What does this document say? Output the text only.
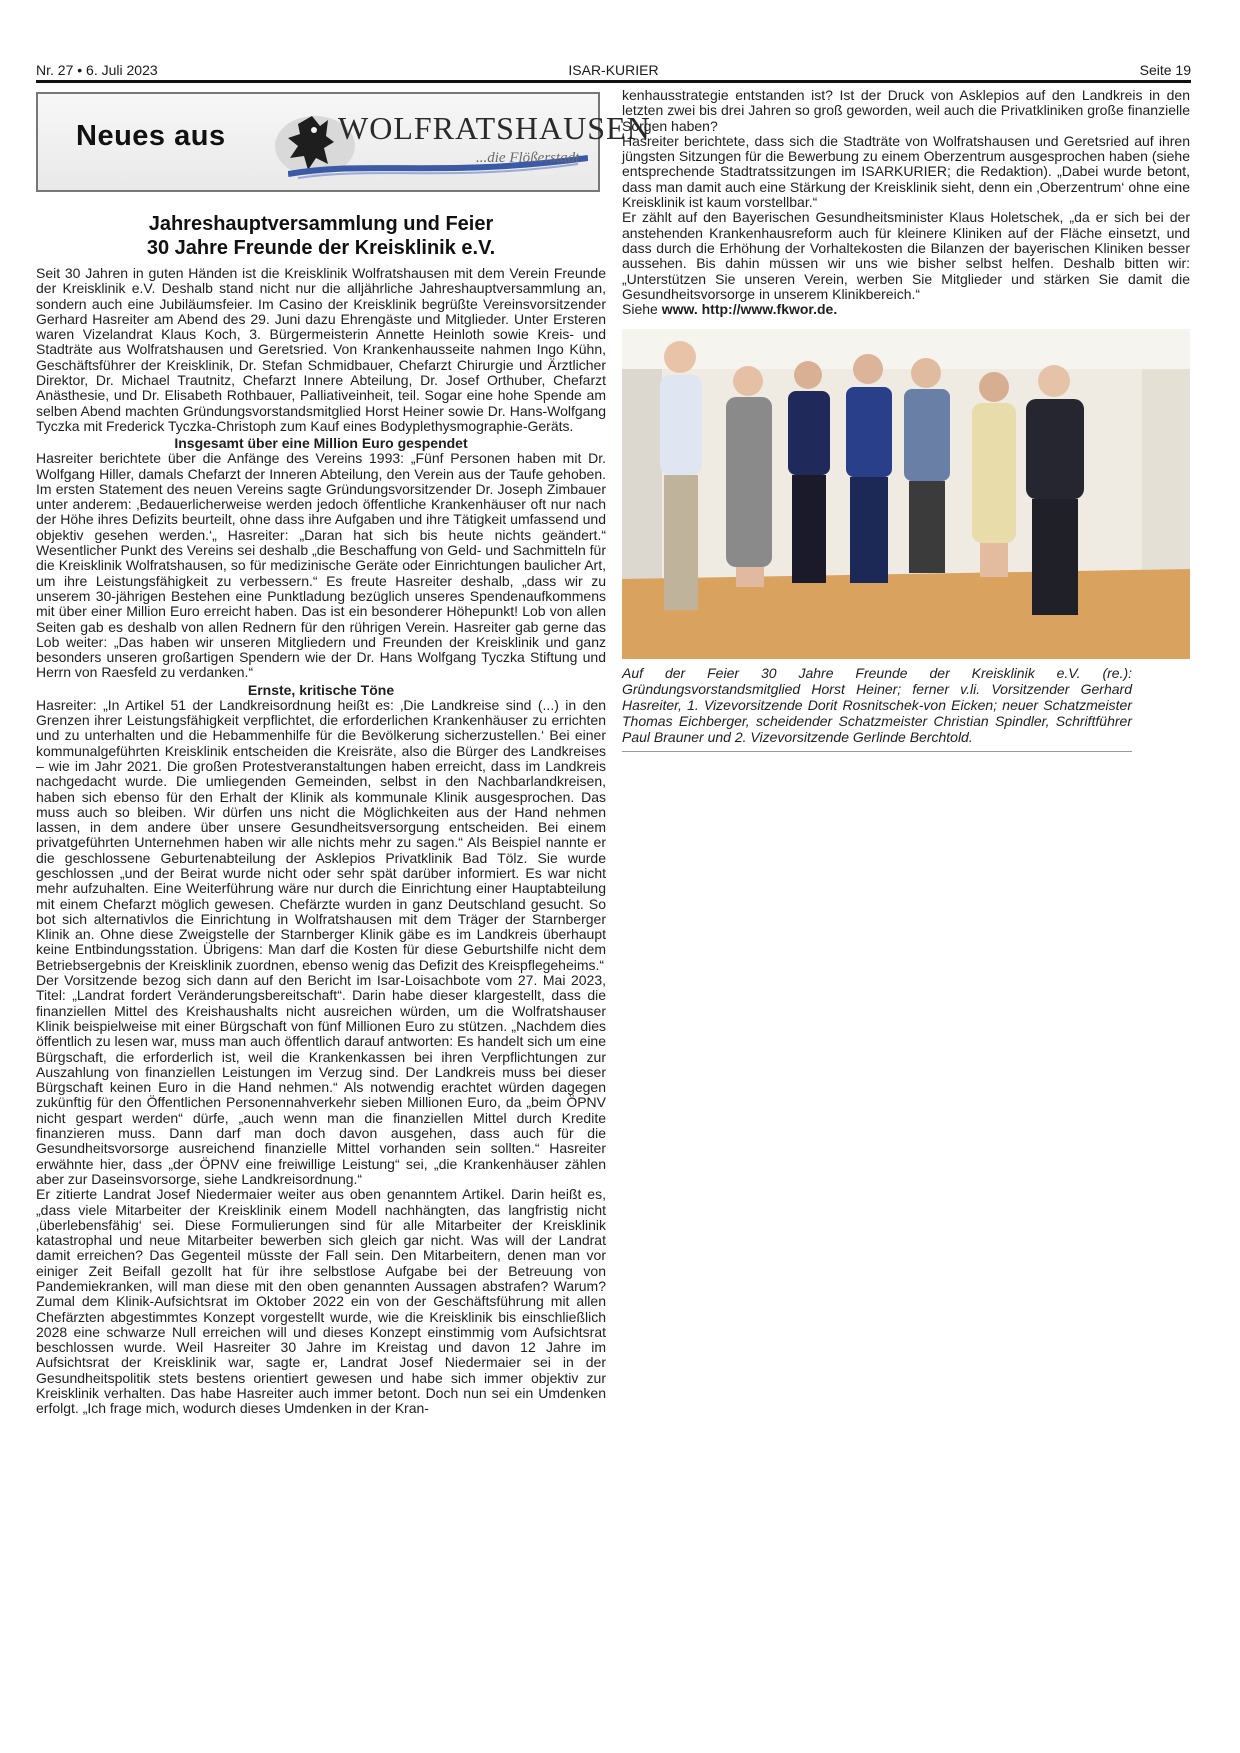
Nr. 27 • 6. Juli 2023	ISAR-KURIER	Seite 19
Neues aus	WOLFRATSHAUSEN
...die Flößerstadt
Jahreshauptversammlung und Feier
30 Jahre Freunde der Kreisklinik e.V.

Seit 30 Jahren in guten Händen ist die Kreisklinik Wolfratshausen mit dem Verein Freunde der Kreisklinik e.V. Deshalb stand nicht nur die alljährliche Jahreshauptversammlung an, sondern auch eine Jubiläumsfeier. Im Casino der Kreisklinik begrüßte Vereinsvorsitzender Gerhard Hasreiter am Abend des 29. Juni dazu Ehrengäste und Mitglieder. Unter Ersteren waren Vizelandrat Klaus Koch, 3. Bürgermeisterin Annette Heinloth sowie Kreis- und Stadträte aus Wolfratshausen und Geretsried. Von Krankenhausseite nahmen Ingo Kühn, Geschäftsführer der Kreisklinik, Dr. Stefan Schmidbauer, Chefarzt Chirurgie und Ärztlicher Direktor, Dr. Michael Trautnitz, Chefarzt Innere Abteilung, Dr. Josef Orthuber, Chefarzt Anästhesie, und Dr. Elisabeth Rothbauer, Palliativeinheit, teil. Sogar eine hohe Spende am selben Abend machten Gründungsvorstandsmitglied Horst Heiner sowie Dr. Hans-Wolfgang Tyczka mit Frederick Tyczka-Christoph zum Kauf eines Bodyplethysmographie-Geräts.

Insgesamt über eine Million Euro gespendet

Hasreiter berichtete über die Anfänge des Vereins 1993: „Fünf Personen haben mit Dr. Wolfgang Hiller, damals Chefarzt der Inneren Abteilung, den Verein aus der Taufe gehoben. Im ersten Statement des neuen Vereins sagte Gründungsvorsitzender Dr. Joseph Zimbauer unter anderem: ‚Bedauerlicherweise werden jedoch öffentliche Krankenhäuser oft nur nach der Höhe ihres Defizits beurteilt, ohne dass ihre Aufgaben und ihre Tätigkeit umfassend und objektiv gesehen werden.‘„ Hasreiter: „Daran hat sich bis heute nichts geändert.“ Wesentlicher Punkt des Vereins sei deshalb „die Beschaffung von Geld- und Sachmitteln für die Kreisklinik Wolfratshausen, so für medizinische Geräte oder Einrichtungen baulicher Art, um ihre Leistungsfähigkeit zu verbessern.“ Es freute Hasreiter deshalb, „dass wir zu unserem 30-jährigen Bestehen eine Punktladung bezüglich unseres Spendenaufkommens mit über einer Million Euro erreicht haben. Das ist ein besonderer Höhepunkt! Lob von allen Seiten gab es deshalb von allen Rednern für den rührigen Verein. Hasreiter gab gerne das Lob weiter: „Das haben wir unseren Mitgliedern und Freunden der Kreisklinik und ganz besonders unseren großartigen Spendern wie der Dr. Hans Wolfgang Tyczka Stiftung und Herrn von Raesfeld zu verdanken.“

Ernste, kritische Töne

Hasreiter: „In Artikel 51 der Landkreisordnung heißt es: ‚Die Landkreise sind (...) in den Grenzen ihrer Leistungsfähigkeit verpflichtet, die erforderlichen Krankenhäuser zu errichten und zu unterhalten und die Hebammenhilfe für die Bevölkerung sicherzustellen.‘ Bei einer kommunalgeführten Kreisklinik entscheiden die Kreisräte, also die Bürger des Landkreises – wie im Jahr 2021. Die großen Protestveranstaltungen haben erreicht, dass im Landkreis nachgedacht wurde. Die umliegenden Gemeinden, selbst in den Nachbarlandkreisen, haben sich ebenso für den Erhalt der Klinik als kommunale Klinik ausgesprochen. Das muss auch so bleiben. Wir dürfen uns nicht die Möglichkeiten aus der Hand nehmen lassen, in dem andere über unsere Gesundheitsversorgung entscheiden. Bei einem privatgeführten Unternehmen haben wir alle nichts mehr zu sagen.“ Als Beispiel nannte er die geschlossene Geburtenabteilung der Asklepios Privatklinik Bad Tölz. Sie wurde geschlossen „und der Beirat wurde nicht oder sehr spät darüber informiert. Es war nicht mehr aufzuhalten. Eine Weiterführung wäre nur durch die Einrichtung einer Hauptabteilung mit einem Chefarzt möglich gewesen. Chefärzte wurden in ganz Deutschland gesucht. So bot sich alternativlos die Einrichtung in Wolfratshausen mit dem Träger der Starnberger Klinik an. Ohne diese Zweigstelle der Starnberger Klinik gäbe es im Landkreis überhaupt keine Entbindungsstation. Übrigens: Man darf die Kosten für diese Geburtshilfe nicht dem Betriebsergebnis der Kreisklinik zuordnen, ebenso wenig das Defizit des Kreispflegeheims.“

Der Vorsitzende bezog sich dann auf den Bericht im Isar-Loisachbote vom 27. Mai 2023, Titel: „Landrat fordert Veränderungsbereitschaft“. Darin habe dieser klargestellt, dass die finanziellen Mittel des Kreishaushalts nicht ausreichen würden, um die Wolfratshauser Klinik beispielweise mit einer Bürgschaft von fünf Millionen Euro zu stützen. „Nachdem dies öffentlich zu lesen war, muss man auch öffentlich darauf antworten: Es handelt sich um eine Bürgschaft, die erforderlich ist, weil die Krankenkassen bei ihren Verpflichtungen zur Auszahlung von finanziellen Leistungen im Verzug sind. Der Landkreis muss bei dieser Bürgschaft keinen Euro in die Hand nehmen.“ Als notwendig erachtet würden dagegen zukünftig für den Öffentlichen Personennahverkehr sieben Millionen Euro, da „beim ÖPNV nicht gespart werden“ dürfe, „auch wenn man die finanziellen Mittel durch Kredite finanzieren muss. Dann darf man doch davon ausgehen, dass auch für die Gesundheitsvorsorge ausreichend finanzielle Mittel vorhanden sein sollten.“ Hasreiter erwähnte hier, dass „der ÖPNV eine freiwillige Leistung“ sei, „die Krankenhäuser zählen aber zur Daseinsvorsorge, siehe Landkreisordnung.“

Er zitierte Landrat Josef Niedermaier weiter aus oben genanntem Artikel. Darin heißt es, „dass viele Mitarbeiter der Kreisklinik einem Modell nachhängten, das langfristig nicht ‚überlebensfähig‘ sei. Diese Formulierungen sind für alle Mitarbeiter der Kreisklinik katastrophal und neue Mitarbeiter bewerben sich gleich gar nicht. Was will der Landrat damit erreichen? Das Gegenteil müsste der Fall sein. Den Mitarbeitern, denen man vor einiger Zeit Beifall gezollt hat für ihre selbstlose Aufgabe bei der Betreuung von Pandemiekranken, will man diese mit den oben genannten Aussagen abstrafen? Warum? Zumal dem Klinik-Aufsichtsrat im Oktober 2022 ein von der Geschäftsführung mit allen Chefärzten abgestimmtes Konzept vorgestellt wurde, wie die Kreisklinik bis einschließlich 2028 eine schwarze Null erreichen will und dieses Konzept einstimmig vom Aufsichtsrat beschlossen wurde. Weil Hasreiter 30 Jahre im Kreistag und davon 12 Jahre im Aufsichtsrat der Kreisklinik war, sagte er, Landrat Josef Niedermaier sei in der Gesundheitspolitik stets bestens orientiert gewesen und habe sich immer objektiv zur Kreisklinik verhalten. Das habe Hasreiter auch immer betont. Doch nun sei ein Umdenken erfolgt. „Ich frage mich, wodurch dieses Umdenken in der Kran-

kenhausstrategie entstanden ist? Ist der Druck von Asklepios auf den Landkreis in den letzten zwei bis drei Jahren so groß geworden, weil auch die Privatkliniken große finanzielle Sorgen haben?

Hasreiter berichtete, dass sich die Stadträte von Wolfratshausen und Geretsried auf ihren jüngsten Sitzungen für die Bewerbung zu einem Oberzentrum ausgesprochen haben (siehe entsprechende Stadtratssitzungen im ISARKURIER; die Redaktion). „Dabei wurde betont, dass man damit auch eine Stärkung der Kreisklinik sieht, denn ein ‚Oberzentrum‘ ohne eine Kreisklinik ist kaum vorstellbar.“

Er zählt auf den Bayerischen Gesundheitsminister Klaus Holetschek, „da er sich bei der anstehenden Krankenhausreform auch für kleinere Kliniken auf der Fläche einsetzt, und dass durch die Erhöhung der Vorhaltekosten die Bilanzen der bayerischen Kliniken besser aussehen. Bis dahin müssen wir uns wie bisher selbst helfen. Deshalb bitten wir: „Unterstützen Sie unseren Verein, werben Sie Mitglieder und stärken Sie damit die Gesundheitsvorsorge in unserem Klinikbereich.“

Siehe www. http://www.fkwor.de.

Auf der Feier 30 Jahre Freunde der Kreisklinik e.V. (re.): Gründungsvorstandsmitglied Horst Heiner; ferner v.li. Vorsitzender Gerhard Hasreiter, 1. Vizevorsitzende Dorit Rosnitschek-von Eicken; neuer Schatzmeister Thomas Eichberger, scheidender Schatzmeister Christian Spindler, Schriftführer Paul Brauner und 2. Vizevorsitzende Gerlinde Berchtold.
